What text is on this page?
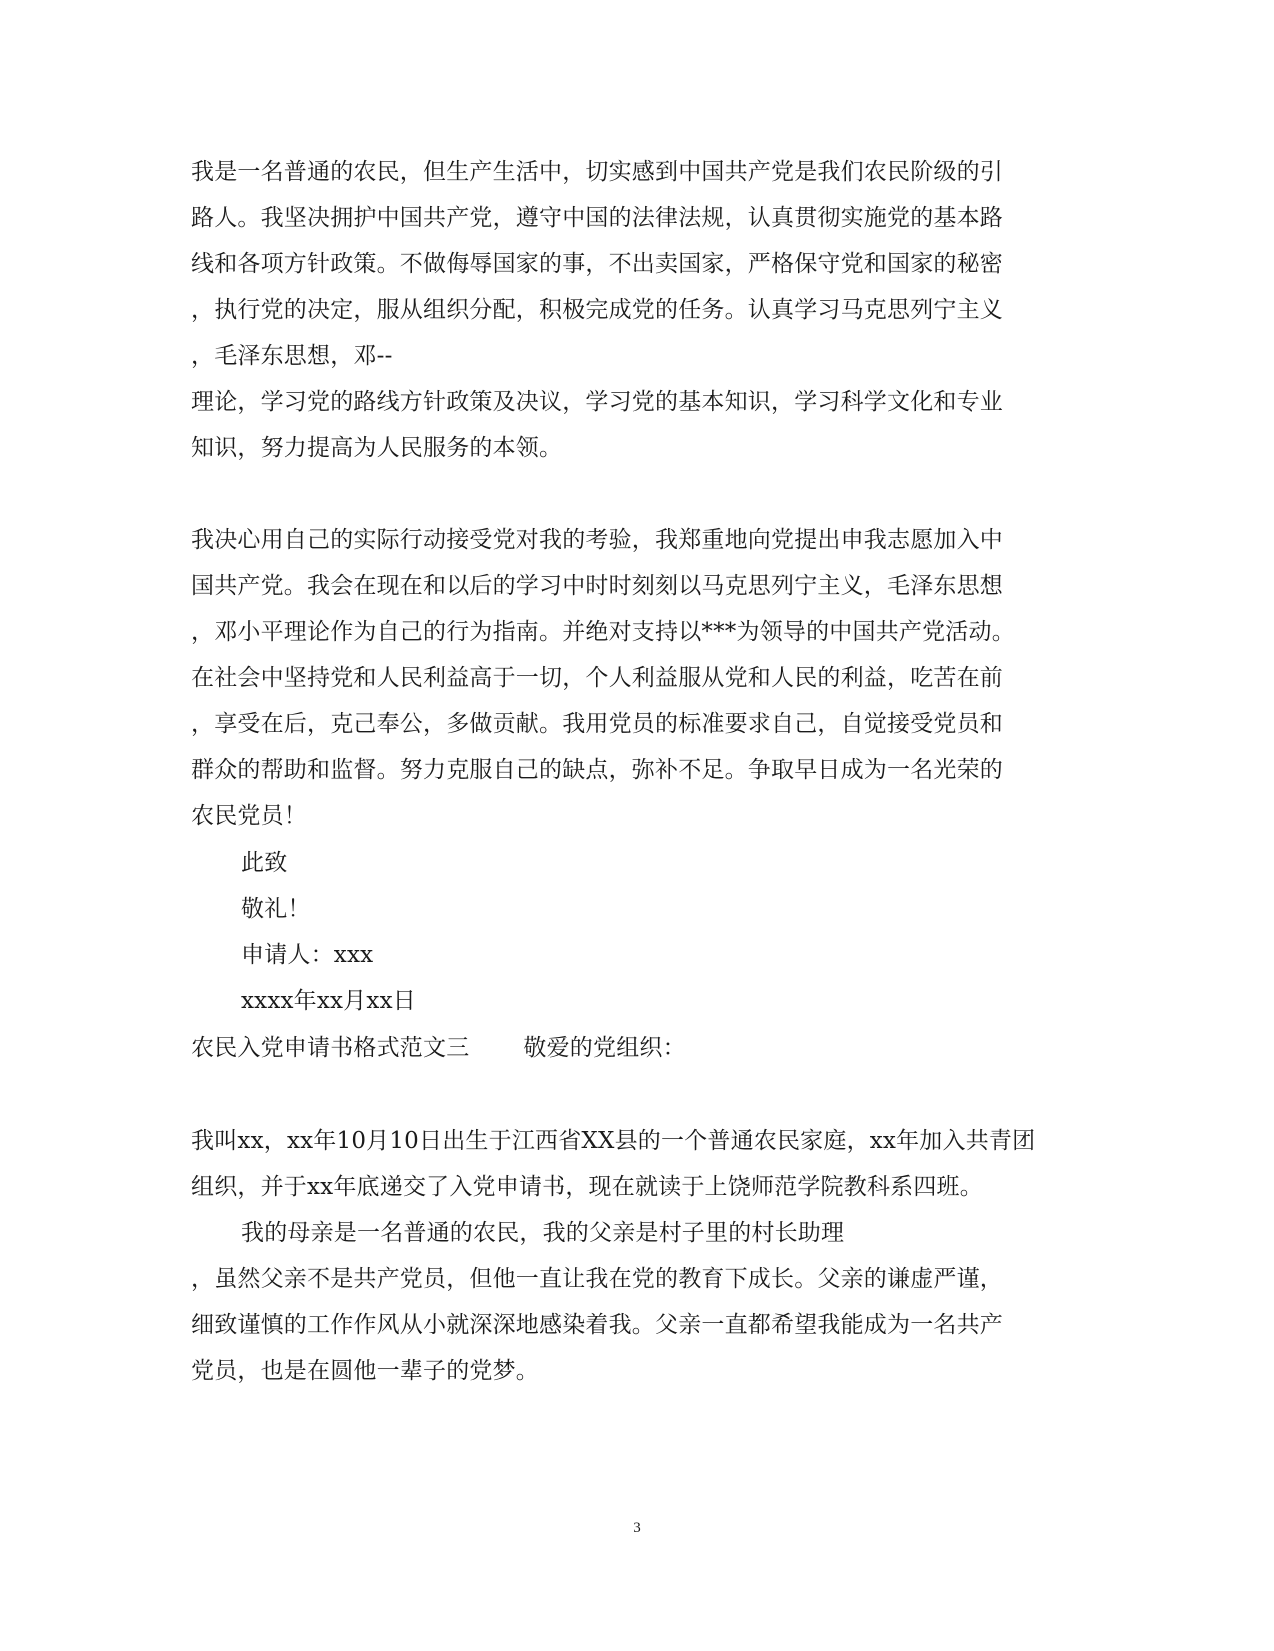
我是一名普通的农民，但生产生活中，切实感到中国共产党是我们农民阶级的引
路人。我坚决拥护中国共产党，遵守中国的法律法规，认真贯彻实施党的基本路
线和各项方针政策。不做侮辱国家的事，不出卖国家，严格保守党和国家的秘密
，执行党的决定，服从组织分配，积极完成党的任务。认真学习马克思列宁主义
，毛泽东思想，邓--
理论，学习党的路线方针政策及决议，学习党的基本知识，学习科学文化和专业
知识，努力提高为人民服务的本领。
我决心用自己的实际行动接受党对我的考验，我郑重地向党提出申我志愿加入中
国共产党。我会在现在和以后的学习中时时刻刻以马克思列宁主义，毛泽东思想
，邓小平理论作为自己的行为指南。并绝对支持以***为领导的中国共产党活动。
在社会中坚持党和人民利益高于一切，个人利益服从党和人民的利益，吃苦在前
，享受在后，克己奉公，多做贡献。我用党员的标准要求自己，自觉接受党员和
群众的帮助和监督。努力克服自己的缺点，弥补不足。争取早日成为一名光荣的
农民党员！
此致
敬礼！
申请人：xxx
xxxx年xx月xx日
农民入党申请书格式范文三 敬爱的党组织：
我叫xx，xx年10月10日出生于江西省XX县的一个普通农民家庭，xx年加入共青团
组织，并于xx年底递交了入党申请书，现在就读于上饶师范学院教科系四班。
我的母亲是一名普通的农民，我的父亲是村子里的村长助理
，虽然父亲不是共产党员，但他一直让我在党的教育下成长。父亲的谦虚严谨，
细致谨慎的工作作风从小就深深地感染着我。父亲一直都希望我能成为一名共产
党员，也是在圆他一辈子的党梦。
3
